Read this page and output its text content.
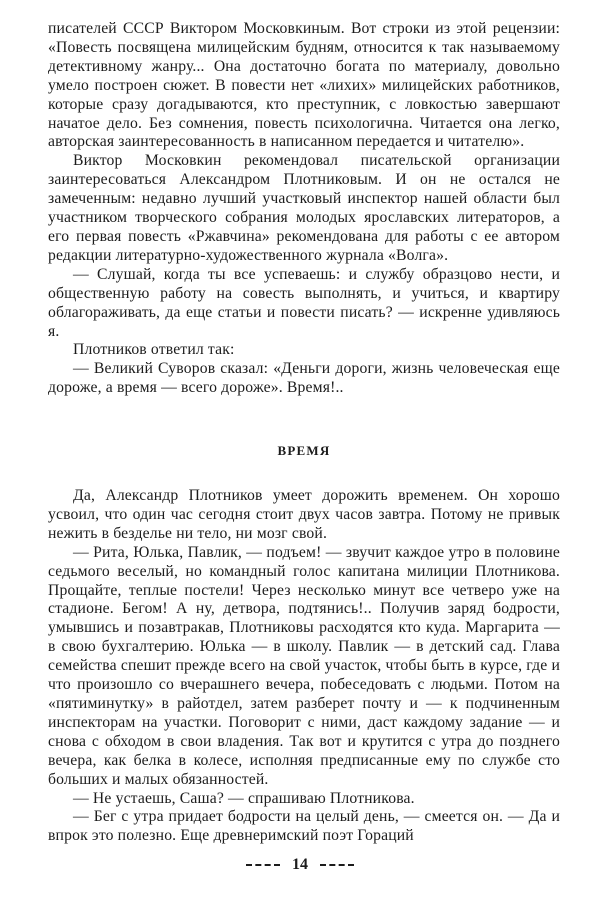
писателей СССР Виктором Московкиным. Вот строки из этой рецензии: «Повесть посвящена милицейским будням, относится к так называемому детективному жанру... Она достаточно богата по материалу, довольно умело построен сюжет. В повести нет «лихих» милицейских работников, которые сразу догадываются, кто преступник, с ловкостью завершают начатое дело. Без сомнения, повесть психологична. Читается она легко, авторская заинтересованность в написанном передается и читателю».

Виктор Московкин рекомендовал писательской организации заинтересоваться Александром Плотниковым. И он не остался не замеченным: недавно лучший участковый инспектор нашей области был участником творческого собрания молодых ярославских литераторов, а его первая повесть «Ржавчина» рекомендована для работы с ее автором редакции литературно-художественного журнала «Волга».

— Слушай, когда ты все успеваешь: и службу образцово нести, и общественную работу на совесть выполнять, и учиться, и квартиру облагораживать, да еще статьи и повести писать? — искренне удивляюсь я.

Плотников ответил так:

— Великий Суворов сказал: «Деньги дороги, жизнь человеческая еще дороже, а время — всего дороже». Время!..

ВРЕМЯ

Да, Александр Плотников умеет дорожить временем. Он хорошо усвоил, что один час сегодня стоит двух часов завтра. Потому не привык нежить в безделье ни тело, ни мозг свой.

— Рита, Юлька, Павлик, — подъем! — звучит каждое утро в половине седьмого веселый, но командный голос капитана милиции Плотникова. Прощайте, теплые постели! Через несколько минут все четверо уже на стадионе. Бегом! А ну, детвора, подтянись!.. Получив заряд бодрости, умывшись и позавтракав, Плотниковы расходятся кто куда. Маргарита — в свою бухгалтерию. Юлька — в школу. Павлик — в детский сад. Глава семейства спешит прежде всего на свой участок, чтобы быть в курсе, где и что произошло со вчерашнего вечера, побеседовать с людьми. Потом на «пятиминутку» в райотдел, затем разберет почту и — к подчиненным инспекторам на участки. Поговорит с ними, даст каждому задание — и снова с обходом в свои владения. Так вот и крутится с утра до позднего вечера, как белка в колесе, исполняя предписанные ему по службе сто больших и малых обязанностей.

— Не устаешь, Саша? — спрашиваю Плотникова.

— Бег с утра придает бодрости на целый день, — смеется он. — Да и впрок это полезно. Еще древнеримский поэт Гораций

14
